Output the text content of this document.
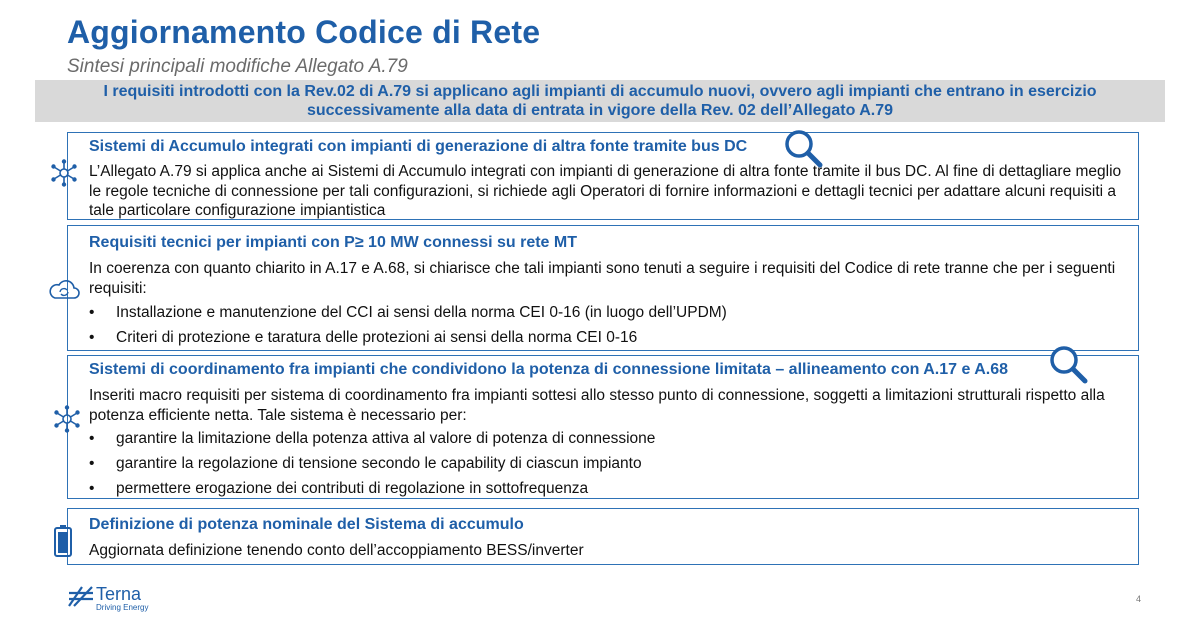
Aggiornamento Codice di Rete
Sintesi principali modifiche Allegato A.79
I requisiti introdotti con la Rev.02 di A.79 si applicano agli impianti di accumulo nuovi, ovvero agli impianti che entrano in esercizio
successivamente alla data di entrata in vigore della Rev. 02 dell’Allegato A.79
Sistemi di Accumulo integrati con impianti di generazione di altra fonte tramite bus DC

L’Allegato A.79 si applica anche ai Sistemi di Accumulo integrati con impianti di generazione di altra fonte tramite il bus DC. Al fine di dettagliare meglio le regole tecniche di connessione per tali configurazioni, si richiede agli Operatori di fornire informazioni e dettagli tecnici per adattare alcuni requisiti a tale particolare configurazione impiantistica

Requisiti tecnici per impianti con P≥ 10 MW connessi su rete MT

In coerenza con quanto chiarito in A.17 e A.68, si chiarisce che tali impianti sono tenuti a seguire i requisiti del Codice di rete tranne che per i seguenti requisiti:

• Installazione e manutenzione del CCI ai sensi della norma CEI 0-16 (in luogo dell’UPDM)
• Criteri di protezione e taratura delle protezioni ai sensi della norma CEI 0-16
Sistemi di coordinamento fra impianti che condividono la potenza di connessione limitata – allineamento con A.17 e A.68

Inseriti macro requisiti per sistema di coordinamento fra impianti sottesi allo stesso punto di connessione, soggetti a limitazioni strutturali rispetto alla potenza efficiente netta. Tale sistema è necessario per:

• garantire la limitazione della potenza attiva al valore di potenza di connessione
• garantire la regolazione di tensione secondo le capability di ciascun impianto
• permettere erogazione dei contributi di regolazione in sottofrequenza
Definizione di potenza nominale del Sistema di accumulo

Aggiornata definizione tenendo conto dell’accoppiamento BESS/inverter

Terna
Driving Energy
4
